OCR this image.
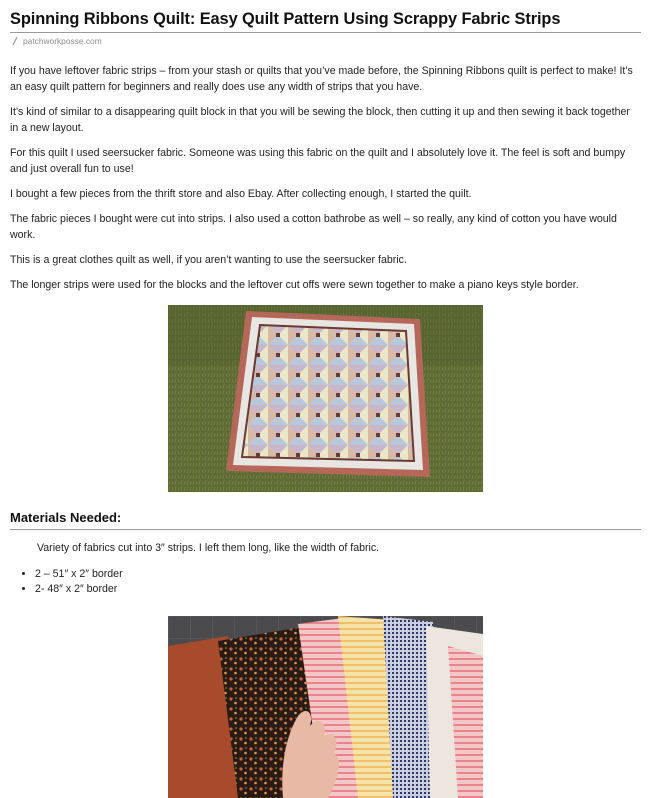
Spinning Ribbons Quilt: Easy Quilt Pattern Using Scrappy Fabric Strips
patchworkposse.com

If you have leftover fabric strips – from your stash or quilts that you’ve made before, the Spinning Ribbons quilt is perfect to make! It’s an easy quilt pattern for beginners and really does use any width of strips that you have.

It’s kind of similar to a disappearing quilt block in that you will be sewing the block, then cutting it up and then sewing it back together in a new layout.

For this quilt I used seersucker fabric. Someone was using this fabric on the quilt and I absolutely love it. The feel is soft and bumpy and just overall fun to use!

I bought a few pieces from the thrift store and also Ebay. After collecting enough, I started the quilt.

The fabric pieces I bought were cut into strips. I also used a cotton bathrobe as well – so really, any kind of cotton you have would work.

This is a great clothes quilt as well, if you aren’t wanting to use the seersucker fabric.

The longer strips were used for the blocks and the leftover cut offs were sewn together to make a piano keys style border.

Materials Needed:
Variety of fabrics cut into 3″ strips. I left them long, like the width of fabric.
• 2 – 51″ x 2″ border
• 2- 48″ x 2″ border
